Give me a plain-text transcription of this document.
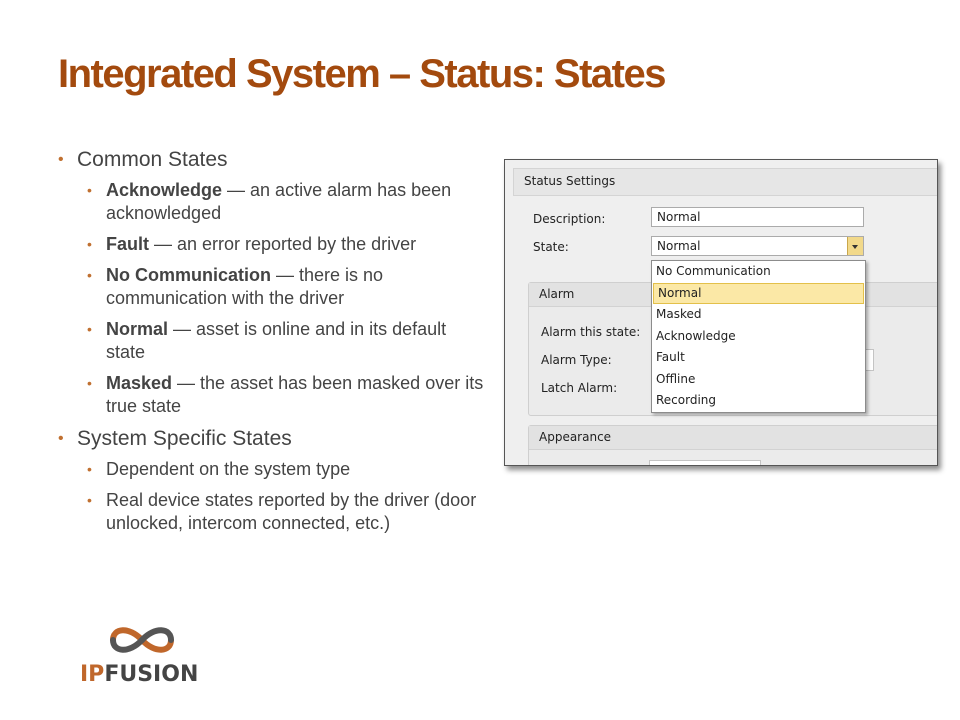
Integrated System – Status: States
• Common States
• Acknowledge — an active alarm has been acknowledged
• Fault — an error reported by the driver
• No Communication — there is no communication with the driver
• Normal — asset is online and in its default state
• Masked — the asset has been masked over its true state
• System Specific States
• Dependent on the system type
• Real device states reported by the driver (door unlocked, intercom connected, etc.)
Status Settings
Description:	Normal
State:	Normal
Alarm
Alarm this state:
Alarm Type:
Latch Alarm:
Appearance
No Communication
Normal
Masked
Acknowledge
Fault
Offline
Recording
IPFUSION
